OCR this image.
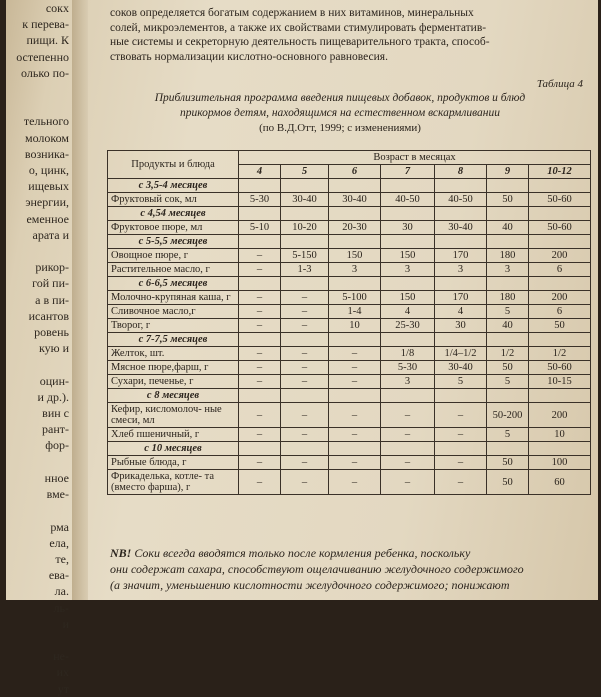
сокх
к перева-
пищи. К
остепенно
олько по-

тельного
молоком
возника-
о, цинк,
ищевых
энергии,
еменное
арата и

рикор-
гой пи-
а в пи-
исантов
ровень
кую и

оцин-
и др.).
вин с
рант-
фор-

нное
вме-

рма
ела,
те,
ева-
ла.
ль-
и

не-
их
ут
соков определяется богатым содержанием в них витаминов, минеральных
солей, микроэлементов, а также их свойствами стимулировать ферментатив-
ные системы и секреторную деятельность пищеварительного тракта, способ-
ствовать нормализации кислотно-основного равновесия.
Таблица 4
Приблизительная программа введения пищевых добавок, продуктов и блюд
прикормов детям, находящимся на естественном вскармливании
(по В.Д.Отт, 1999; с изменениями)
Продукты и блюда	Возраст в месяцах						
	4	5	6	7	8	9	10-12
с 3,5-4 месяцев							
Фруктовый сок, мл	5-30	30-40	30-40	40-50	40-50	50	50-60
с 4,54 месяцев							
Фруктовое пюре, мл	5-10	10-20	20-30	30	30-40	40	50-60
с 5-5,5 месяцев							
Овощное пюре, г	–	5-150	150	150	170	180	200
Растительное масло, г	–	1-3	3	3	3	3	6
с 6-6,5 месяцев							
Молочно-крупяная каша, г	–	–	5-100	150	170	180	200
Сливочное масло,г	–	–	1-4	4	4	5	6
Творог, г	–	–	10	25-30	30	40	50
с 7-7,5 месяцев							
Желток, шт.	–	–	–	1/8	1/4–1/2	1/2	1/2
Мясное пюре,фарш, г	–	–	–	5-30	30-40	50	50-60
Сухари, печенье, г	–	–	–	3	5	5	10-15
с 8 месяцев							
Кефир, кисломолоч- ные смеси, мл	–	–	–	–	–	50-200	200
Хлеб пшеничный, г	–	–	–	–	–	5	10
с 10 месяцев							
Рыбные блюда, г	–	–	–	–	–	50	100
Фрикаделька, котле- та (вместо фарша), г	–	–	–	–	–	50	60
NB! Соки всегда вводятся только после кормления ребенка, поскольку
они содержат сахара, способствуют ощелачиванию желудочного содержимого
(а значит, уменьшению кислотности желудочного содержимого; понижают
